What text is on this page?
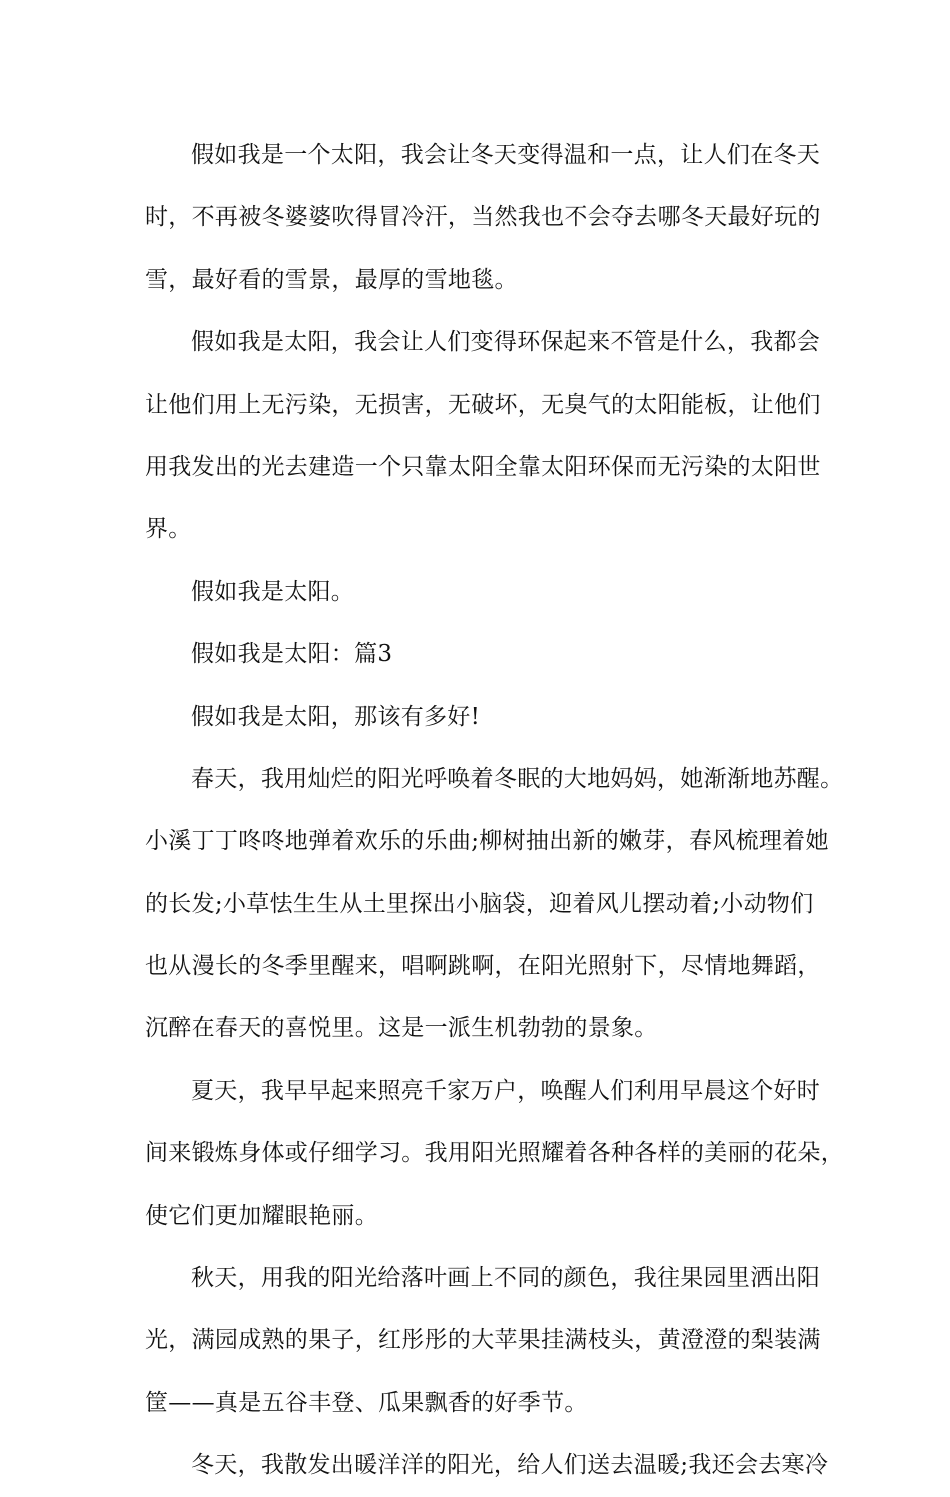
假如我是一个太阳，我会让冬天变得温和一点，让人们在冬天
时，不再被冬婆婆吹得冒冷汗，当然我也不会夺去哪冬天最好玩的
雪，最好看的雪景，最厚的雪地毯。
假如我是太阳，我会让人们变得环保起来不管是什么，我都会
让他们用上无污染，无损害，无破坏，无臭气的太阳能板，让他们
用我发出的光去建造一个只靠太阳全靠太阳环保而无污染的太阳世
界。
假如我是太阳。
假如我是太阳：篇3
假如我是太阳，那该有多好!
春天，我用灿烂的阳光呼唤着冬眠的大地妈妈，她渐渐地苏醒。
小溪丁丁咚咚地弹着欢乐的乐曲;柳树抽出新的嫩芽，春风梳理着她
的长发;小草怯生生从土里探出小脑袋，迎着风儿摆动着;小动物们
也从漫长的冬季里醒来，唱啊跳啊，在阳光照射下，尽情地舞蹈，
沉醉在春天的喜悦里。这是一派生机勃勃的景象。
夏天，我早早起来照亮千家万户，唤醒人们利用早晨这个好时
间来锻炼身体或仔细学习。我用阳光照耀着各种各样的美丽的花朵，
使它们更加耀眼艳丽。
秋天，用我的阳光给落叶画上不同的颜色，我往果园里洒出阳
光，满园成熟的果子，红彤彤的大苹果挂满枝头，黄澄澄的梨装满
筐——真是五谷丰登、瓜果飘香的好季节。
冬天，我散发出暖洋洋的阳光，给人们送去温暖;我还会去寒冷
